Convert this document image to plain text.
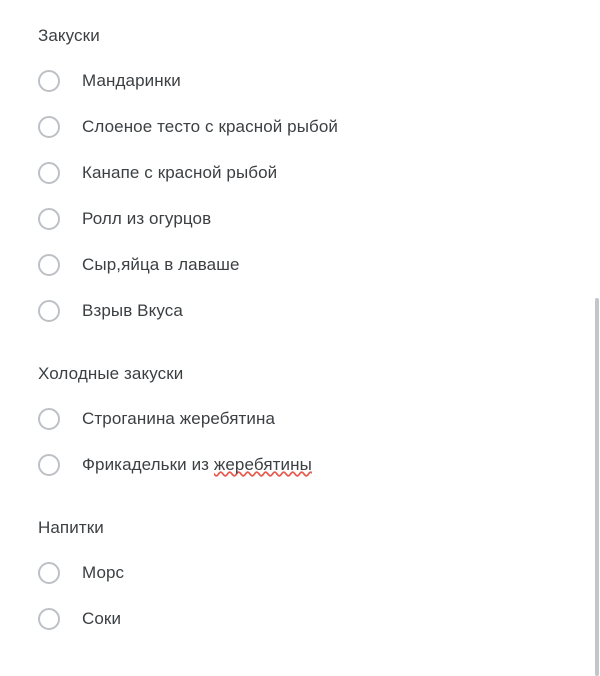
Закуски
Мандаринки
Слоеное тесто с красной рыбой
Канапе с красной рыбой
Ролл из огурцов
Сыр,яйца в лаваше
Взрыв Вкуса
Холодные закуски
Строганина жеребятина
Фрикадельки из жеребятины
Напитки
Морс
Соки
